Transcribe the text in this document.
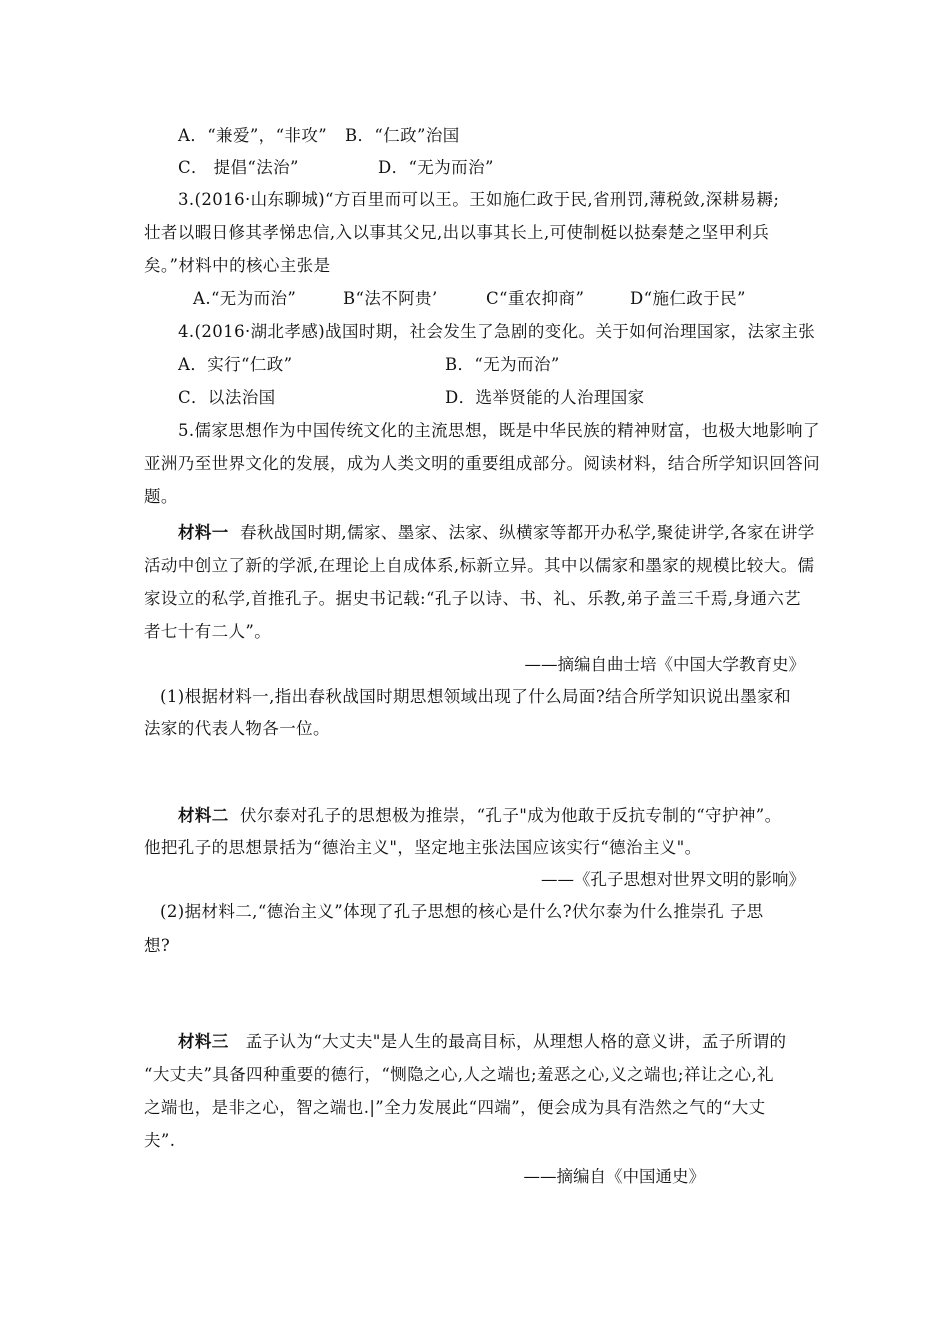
A．“兼爱”，“非攻” B．“仁政”治国
C． 提倡“法治”	D．“无为而治”
3.(2016·山东聊城)“方百里而可以王。王如施仁政于民,省刑罚,薄税敛,深耕易耨;
壮者以暇日修其孝悌忠信,入以事其父兄,出以事其长上,可使制梃以挞秦楚之坚甲利兵
矣。”材料中的核心主张是
A.“无为而治”	B“法不阿贵’	C“重农抑商”	D“施仁政于民”
4.(2016·湖北孝感)战国时期，社会发生了急剧的变化。关于如何治理国家，法家主张
A．实行“仁政”	B．“无为而治”
C．以法治国	D．选举贤能的人治理国家
5.儒家思想作为中国传统文化的主流思想，既是中华民族的精神财富，也极大地影响了
亚洲乃至世界文化的发展，成为人类文明的重要组成部分。阅读材料，结合所学知识回答问
题。
材料一 春秋战国时期,儒家、墨家、法家、纵横家等都开办私学,聚徒讲学,各家在讲学
活动中创立了新的学派,在理论上自成体系,标新立异。其中以儒家和墨家的规模比较大。儒
家设立的私学,首推孔子。据史书记载:“孔子以诗、书、礼、乐教,弟子盖三千焉,身通六艺
者七十有二人”。
——摘编自曲士培《中国大学教育史》
(1)根据材料一,指出春秋战国时期思想领域出现了什么局面?结合所学知识说出墨家和
法家的代表人物各一位。
材料二 伏尔泰对孔子的思想极为推崇，“孔子"成为他敢于反抗专制的“守护神”。
他把孔子的思想景括为“德治主义"，坚定地主张法国应该实行“德治主义"。
——《孔子思想对世界文明的影响》
(2)据材料二,“德治主义”体现了孔子思想的核心是什么?伏尔泰为什么推崇孔 子思
想?
材料三 孟子认为“大丈夫"是人生的最高目标，从理想人格的意义讲，孟子所谓的
“大丈夫”具备四种重要的德行，“恻隐之心,人之端也;羞恶之心,义之端也;祥让之心,礼
之端也，是非之心，智之端也.|”全力发展此“四端”，便会成为具有浩然之气的“大丈
夫”.
——摘编自《中国通史》
